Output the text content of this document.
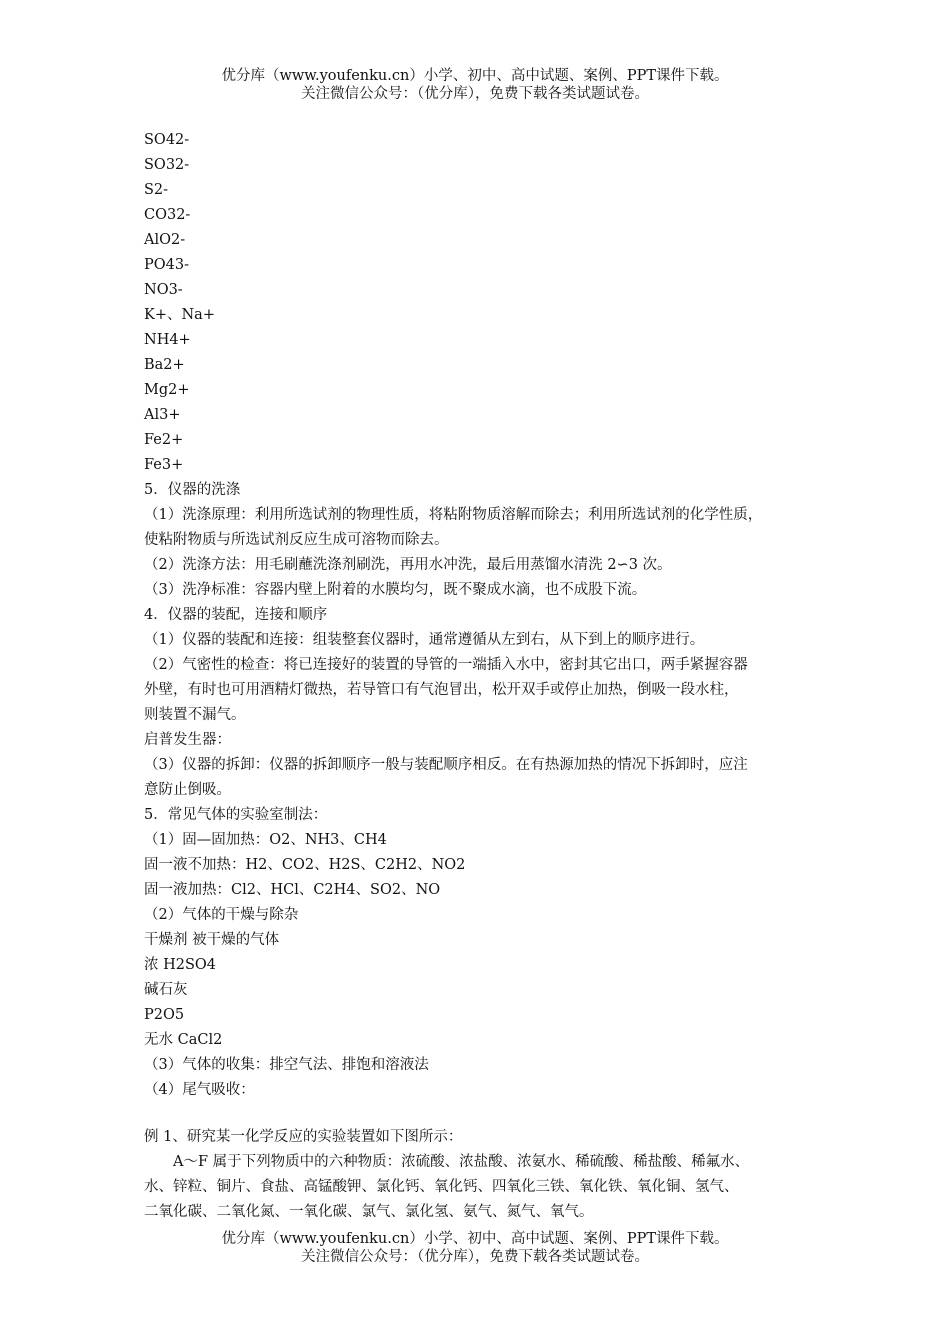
优分库（www.youfenku.cn）小学、初中、高中试题、案例、PPT课件下载。
关注微信公众号：（优分库），免费下载各类试题试卷。

SO42-

SO32-

S2-

CO32-

AlO2-

PO43-

NO3-

K+、Na+

NH4+

Ba2+

Mg2+

Al3+

Fe2+

Fe3+

5．仪器的洗涤

（1）洗涤原理：利用所选试剂的物理性质，将粘附物质溶解而除去；利用所选试剂的化学性质，

使粘附物质与所选试剂反应生成可溶物而除去。

（2）洗涤方法：用毛刷蘸洗涤剂刷洗，再用水冲洗，最后用蒸馏水清洗 2∽3 次。

（3）洗净标准：容器内壁上附着的水膜均匀，既不聚成水滴，也不成股下流。

4．仪器的装配，连接和顺序

（1）仪器的装配和连接：组装整套仪器时，通常遵循从左到右，从下到上的顺序进行。

（2）气密性的检查：将已连接好的装置的导管的一端插入水中，密封其它出口，两手紧握容器

外壁，有时也可用酒精灯微热，若导管口有气泡冒出，松开双手或停止加热，倒吸一段水柱，

则装置不漏气。

启普发生器：

（3）仪器的拆卸：仪器的拆卸顺序一般与装配顺序相反。在有热源加热的情况下拆卸时，应注

意防止倒吸。

5．常见气体的实验室制法：

（1）固—固加热：O2、NH3、CH4

固一液不加热：H2、CO2、H2S、C2H2、NO2

固一液加热：Cl2、HCl、C2H4、SO2、NO

（2）气体的干燥与除杂

干燥剂 被干燥的气体

浓 H2SO4

碱石灰

P2O5

无水 CaCl2

（3）气体的收集：排空气法、排饱和溶液法

（4）尾气吸收：

例 1、研究某一化学反应的实验装置如下图所示：

　　A～F 属于下列物质中的六种物质：浓硫酸、浓盐酸、浓氨水、稀硫酸、稀盐酸、稀氟水、

水、锌粒、铜片、食盐、高锰酸钾、氯化钙、氧化钙、四氧化三铁、氧化铁、氧化铜、氢气、

二氧化碳、二氧化氮、一氧化碳、氯气、氯化氢、氨气、氮气、氧气。

优分库（www.youfenku.cn）小学、初中、高中试题、案例、PPT课件下载。
关注微信公众号：（优分库），免费下载各类试题试卷。
